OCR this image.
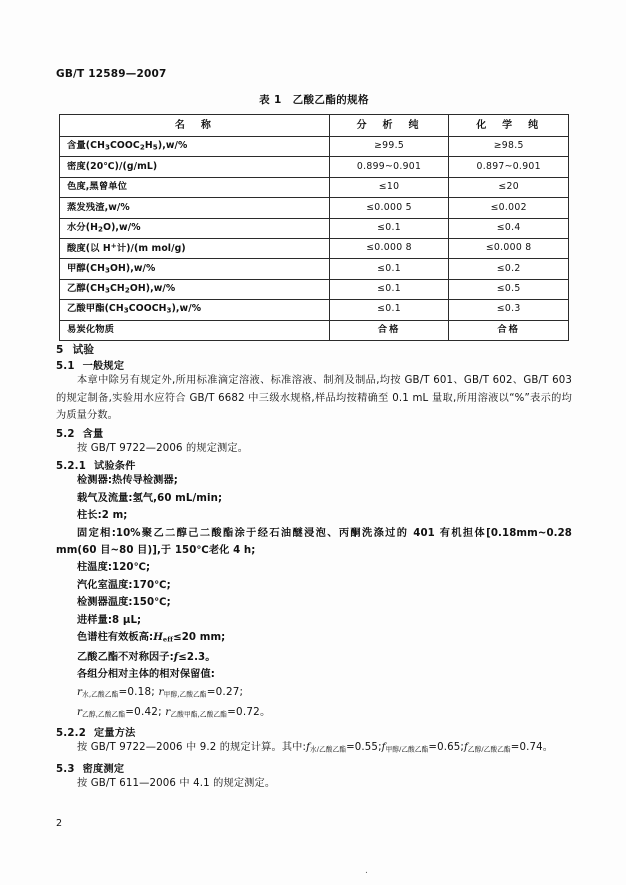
GB/T 12589—2007
表 1　乙酸乙酯的规格
名　称	分　析　纯	化　学　纯
含量$(CH_3COOC_2H_5),w/\%$	≥99.5	≥98.5
密度(20℃)/(g/mL)	0.899~0.901	0.897~0.901
色度,黑曾单位	≤10	≤20
蒸发残渣,w/%	≤0.000 5	≤0.002
水分$(H_2O),w/\%$	≤0.1	≤0.4
酸度(以 H+计)/(m mol/g)	≤0.000 8	≤0.000 8
甲醇$(CH_3OH),w/\%$	≤0.1	≤0.2
乙醇$(CH_3CH_2OH),w/\%$	≤0.1	≤0.5
乙酸甲酯$(CH_3COOCH_3),w/\%$	≤0.1	≤0.3
易炭化物质	合格	合格
5 试验
5.1 一般规定

本章中除另有规定外,所用标准滴定溶液、标准溶液、制剂及制品,均按 GB/T 601、GB/T 602、GB/T 603的规定制备,实验用水应符合 GB/T 6682 中三级水规格,样品均按精确至 0.1 mL 量取,所用溶液以“%”表示的均为质量分数。

5.2 含量

按 GB/T 9722—2006 的规定测定。

5.2.1 试验条件

检测器:热传导检测器;

载气及流量:氢气,60 mL/min;

柱长:2 m;

固定相:10%聚乙二醇己二酸酯涂于经石油醚浸泡、丙酮洗涤过的 401 有机担体[0.18mm~0.28 mm(60 目~80 目)],于 150℃老化 4 h;

柱温度:120℃;

汽化室温度:170℃;

检测器温度:150℃;

进样量:8 μL;

色谱柱有效板高$:H_{eff}\le 20$ mm;

乙酸乙酯不对称因子:f≤2.3。

各组分相对主体的相对保留值:

$r_{水,乙酸乙酯}=0.18$; $r_{甲醇,乙酸乙酯}=0.27$;

$r_{乙醇,乙酸乙酯}=0.42$; $r_{乙酸甲酯,乙酸乙酯}=0.72$。

5.2.2 定量方法

按 GB/T 9722—2006 中 9.2 的规定计算。其中$:f_{水/乙酸乙酯}=0.55;f_{甲醇/乙酸乙酯}=0.65;f_{乙醇/乙酸乙酯}=0.74$。

5.3 密度测定

按 GB/T 611—2006 中 4.1 的规定测定。

2
.
